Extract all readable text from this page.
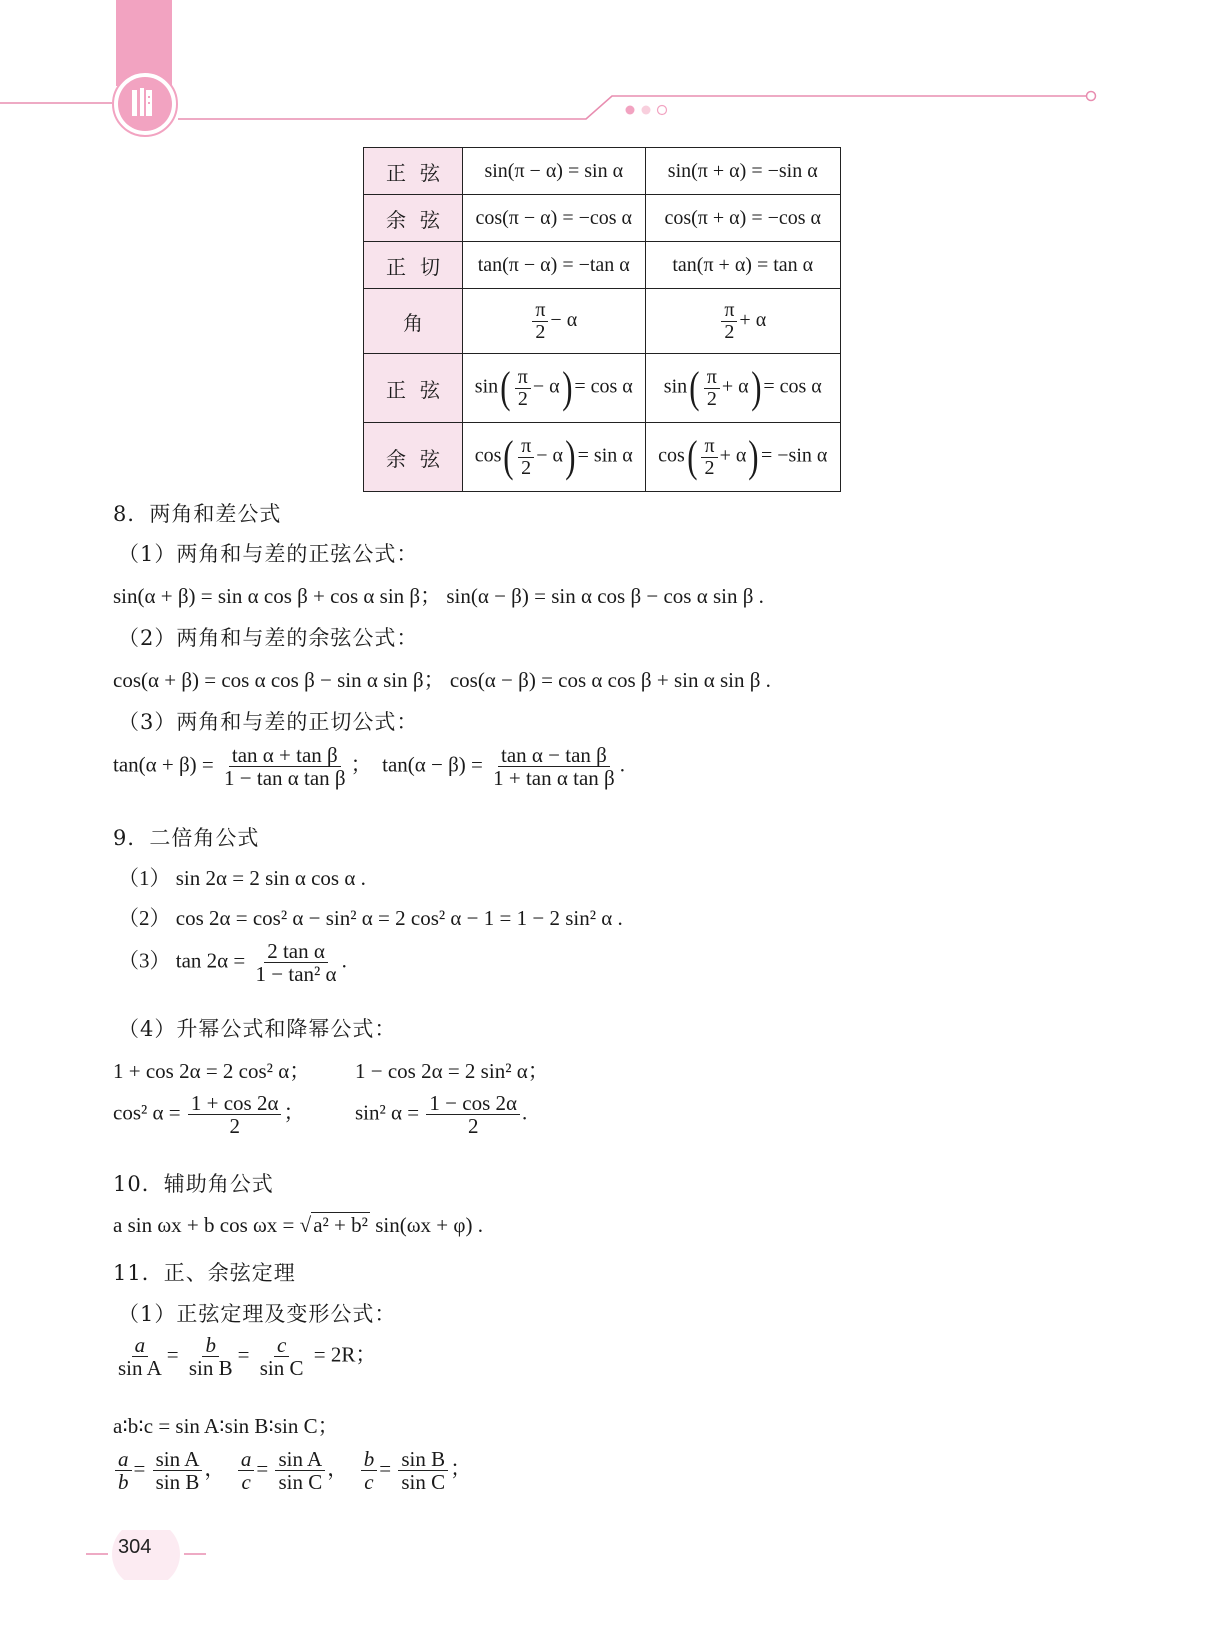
正弦	sin(π − α) = sin α	sin(π + α) = −sin α
余弦	cos(π − α) = −cos α	cos(π + α) = −cos α
正切	tan(π − α) = −tan α	tan(π + α) = tan α
角	$\frac{\pi}{2} - \alpha$	$\frac{\pi}{2} + \alpha$
正弦	$\sin( \frac{\pi}{2} - \alpha) = \cos \alpha$	$\sin( \frac{\pi}{2} + \alpha) = \cos \alpha$
余弦	$\cos( \frac{\pi}{2} - \alpha) = \sin \alpha$	$\cos( \frac{\pi}{2} + \alpha) = -\sin$ α
8．两角和差公式
（1）两角和与差的正弦公式：
sin(α + β) = sin α cos β + cos α sin β； sin(α − β) = sin α cos β − cos α sin β .
（2）两角和与差的余弦公式：
cos(α + β) = cos α cos β − sin α sin β； cos(α − β) = cos α cos β + sin α sin β .
（3）两角和与差的正切公式：
$\tan(\alpha + \beta) = \frac{\text{tan α + tan β}}{\text{1 − tan α tan β}}$ ；  $\tan(\alpha - \beta) = \frac{\text{tan α − tan β}}{\text{1 + tan α tan β}}$ .
9．二倍角公式
（1） sin 2α = 2 sin α cos α .
（2） cos 2α = cos² α − sin² α = 2 cos² α − 1 = 1 − 2 sin² α .
（3） $\tan 2\alpha = \frac{\text{2 tan α}}{\text{1 − tan² α}}$ .
（4）升幂公式和降幂公式：
1 + cos 2α = 2 cos² α； 1 − cos 2α = 2 sin² α；
cos² $\alpha = \frac{1 + \cos 2\alpha}{2}$ ； sin² $\alpha = \frac{1 - \cos 2\alpha}{2}$ .
10．辅助角公式
a sin ωx + b cos ωx = √a² + b² sin(ωx + φ) .
11．正、余弦定理
（1）正弦定理及变形公式：
$\frac{a}{\text{sin A}} = \frac{b}{\text{sin B}} = \frac{c}{\text{sin C}} = 2R$；
a∶b∶c = sin A∶sin B∶sin C；
$\frac{a}{b} = \frac{\text{sin A}}{\text{sin B}}$ ， $\frac{a}{c} = \frac{\text{sin A}}{\text{sin C}}$ ， $\frac{b}{c} = \frac{\text{sin B}}{\text{sin C}}$ ；
304
